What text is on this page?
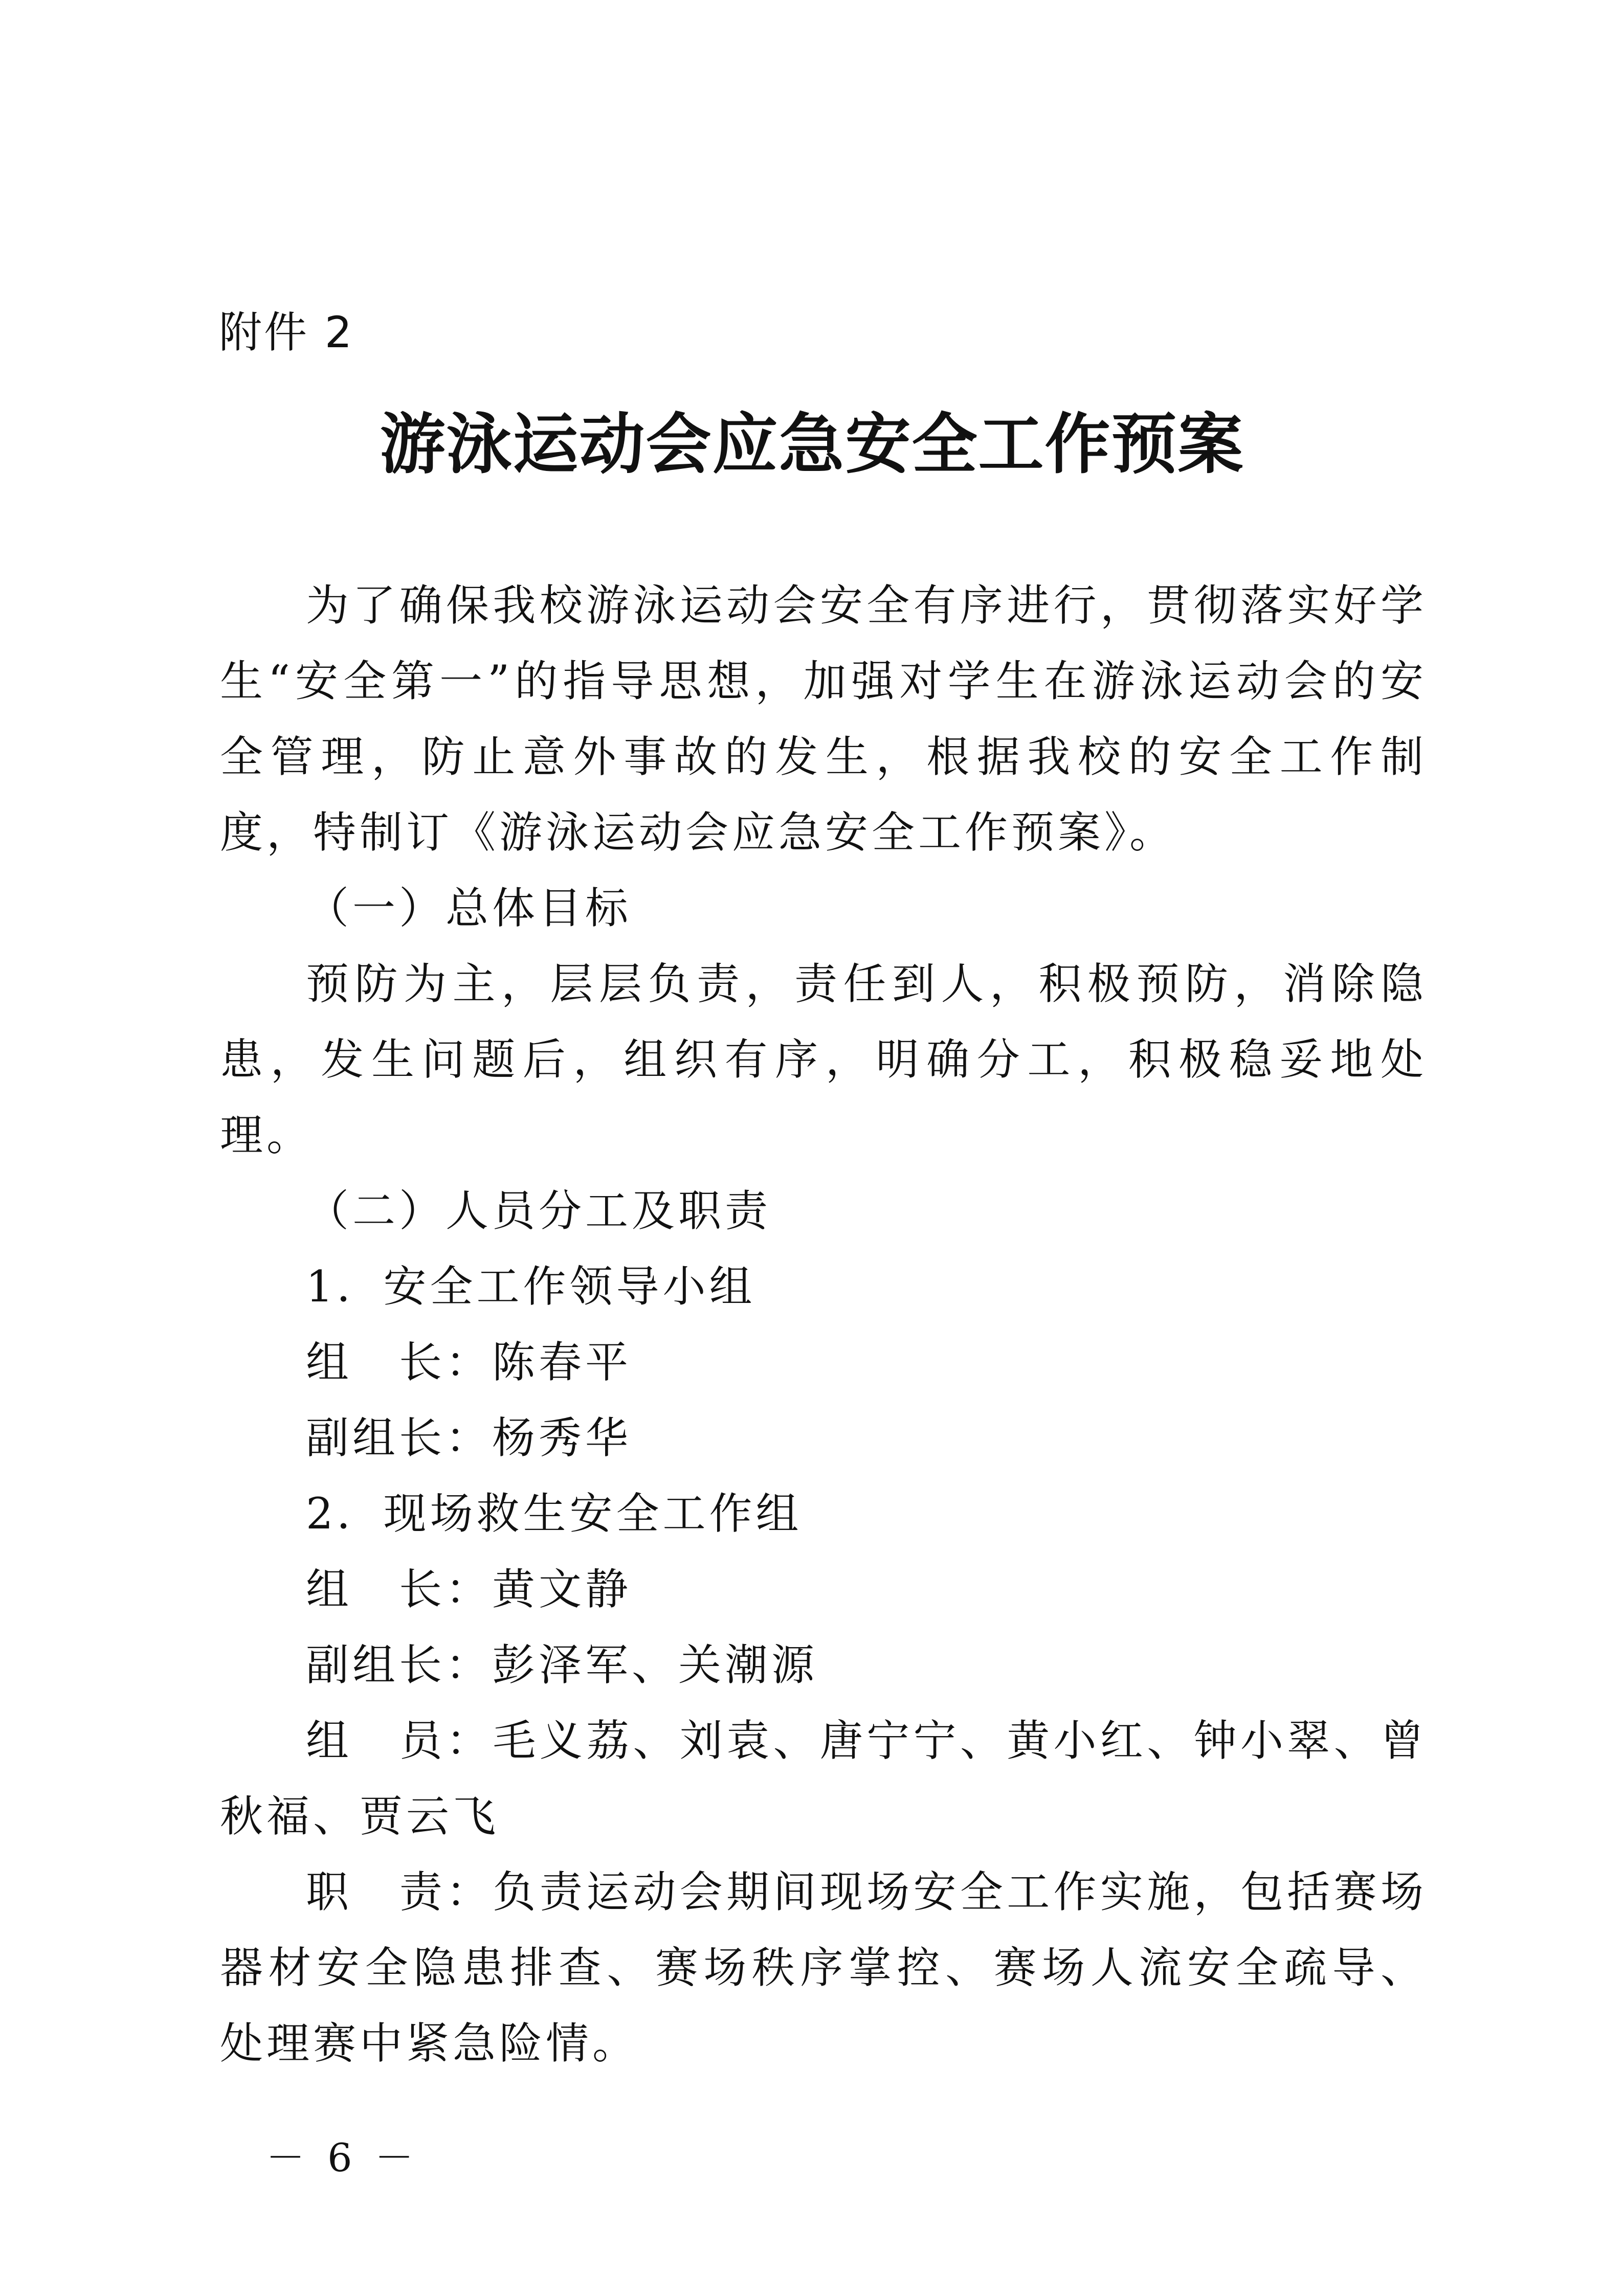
附件 2
游泳运动会应急安全工作预案

为了确保我校游泳运动会安全有序进行，贯彻落实好学生“安全第一”的指导思想，加强对学生在游泳运动会的安全管理，防止意外事故的发生，根据我校的安全工作制度，特制订《游泳运动会应急安全工作预案》。

（一）总体目标

预防为主，层层负责，责任到人，积极预防，消除隐患，发生问题后，组织有序，明确分工，积极稳妥地处理。

（二）人员分工及职责

1．安全工作领导小组

组　长：陈春平

副组长：杨秀华

2．现场救生安全工作组

组　长：黄文静

副组长：彭泽军、关潮源

组　员：毛义荔、刘袁、唐宁宁、黄小红、钟小翠、曾秋福、贾云飞

职　责：负责运动会期间现场安全工作实施，包括赛场器材安全隐患排查、赛场秩序掌控、赛场人流安全疏导、处理赛中紧急险情。

－ 6 －
